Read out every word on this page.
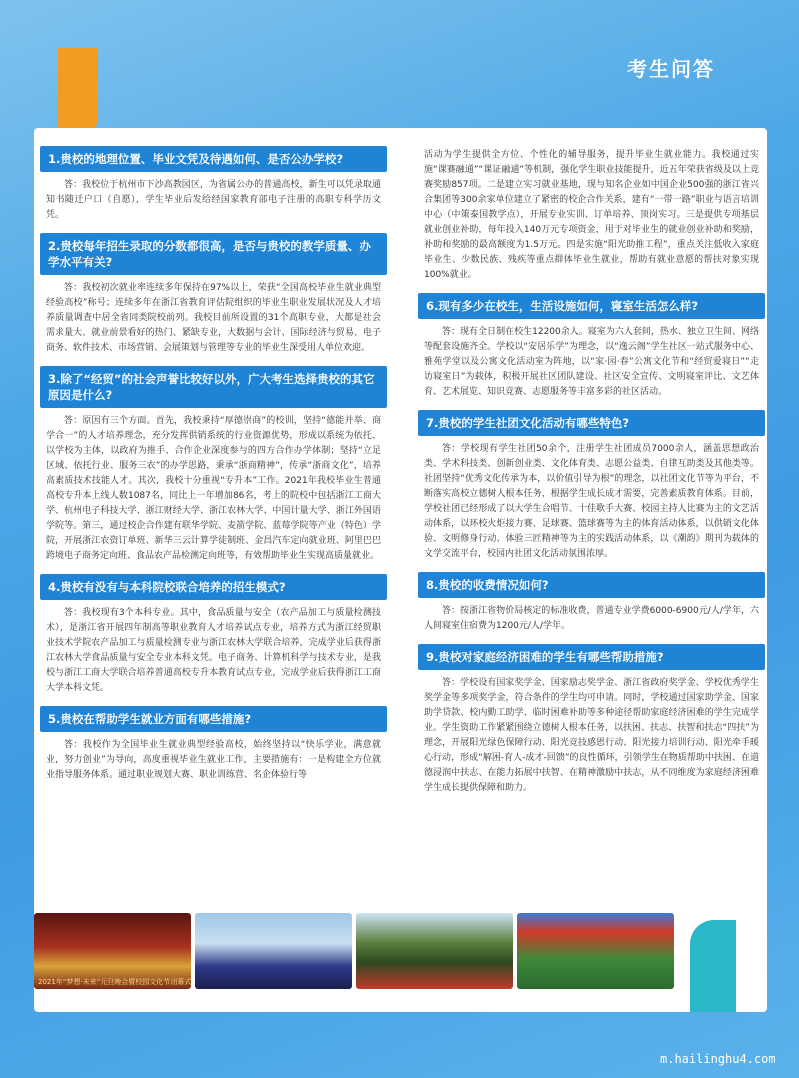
考生问答
1.贵校的地理位置、毕业文凭及待遇如何、是否公办学校?
答：我校位于杭州市下沙高教园区，为省属公办的普通高校，新生可以凭录取通知书随迁户口（自愿），学生毕业后发给经国家教育部电子注册的高职专科学历文凭。
2.贵校每年招生录取的分数都很高，是否与贵校的教学质量、办学水平有关?
答：我校初次就业率连续多年保持在97%以上，荣获“全国高校毕业生就业典型经验高校”称号；连续多年在浙江省教育评估院组织的毕业生职业发展状况及人才培养质量调查中居全省同类院校前列。我校目前所设置的31个高职专业，大都是社会需求量大、就业前景看好的热门、紧缺专业，大数据与会计、国际经济与贸易、电子商务、软件技术、市场营销、会展策划与管理等专业的毕业生深受用人单位欢迎。
3.除了“经贸”的社会声誉比较好以外，广大考生选择贵校的其它原因是什么?
答：原因有三个方面。首先，我校秉持“厚德崇商”的校训，坚持“德能并举、商学合一”的人才培养理念，充分发挥供销系统的行业资源优势，形成以系统为依托、以学校为主体，以政府为推手、合作企业深度参与的四方合作办学体制；坚持“立足区域、依托行业、服务三农”的办学思路，秉承“浙商精神”，传承“浙商文化”，培养高素质技术技能人才。其次，我校十分重视“专升本”工作。2021年我校毕业生普通高校专升本上线人数1087名，同比上一年增加86名，考上的院校中包括浙江工商大学、杭州电子科技大学、浙江财经大学、浙江农林大学、中国计量大学、浙江外国语学院等。第三，通过校企合作建有联华学院、麦箭学院、蓝莓学院等产业（特色）学院，开展浙江农资订单班、新华三云计算学徒制班、金昌汽车定向就业班、阿里巴巴跨境电子商务定向班、食品农产品检测定向班等，有效帮助毕业生实现高质量就业。
4.贵校有没有与本科院校联合培养的招生模式?
答：我校现有3个本科专业。其中，食品质量与安全（农产品加工与质量检测技术），是浙江省开展四年制高等职业教育人才培养试点专业，培养方式为浙江经贸职业技术学院农产品加工与质量检测专业与浙江农林大学联合培养，完成学业后获得浙江农林大学食品质量与安全专业本科文凭。电子商务、计算机科学与技术专业，是我校与浙江工商大学联合培养普通高校专升本教育试点专业，完成学业后获得浙江工商大学本科文凭。
5.贵校在帮助学生就业方面有哪些措施?
答：我校作为全国毕业生就业典型经验高校，始终坚持以“快乐学业，满意就业，努力创业”为导向，高度重视毕业生就业工作，主要措施有：一是构建全方位就业指导服务体系。通过职业规划大赛、职业训练营、名企体验行等
活动为学生提供全方位、个性化的辅导服务，提升毕业生就业能力。我校通过实施“课赛融通”“课证融通”等机制，强化学生职业技能提升，近五年荣获省级及以上竞赛奖励857项。二是建立实习就业基地，现与知名企业如中国企业500强的浙江省兴合集团等300余家单位建立了紧密的校企合作关系，建有“一带一路”职业与语言培训中心（中策泰国教学点），开展专业实训、订单培养、顶岗实习。三是提供专项基层就业创业补助，每年投入140万元专项资金，用于对毕业生的就业创业补助和奖励，补助和奖励的最高额度为1.5万元。四是实施“阳光助推工程”，重点关注低收入家庭毕业生、少数民族、残疾等重点群体毕业生就业，帮助有就业意愿的帮扶对象实现100%就业。
6.现有多少在校生，生活设施如何，寝室生活怎么样?
答：现有全日制在校生12200余人。寝室为六人套间，热水、独立卫生间、网络等配套设施齐全。学校以“安居乐学”为理念，以“逸云阁”学生社区一站式服务中心、雅苑学堂以及公寓文化活动室为阵地，以“家·园·春”公寓文化节和“经贸爱寝日”“走访寝室日”为载体，积极开展社区团队建设、社区安全宣传、文明寝室评比、文艺体育、艺术展览、知识竞赛、志愿服务等丰富多彩的社区活动。
7.贵校的学生社团文化活动有哪些特色?
答：学校现有学生社团50余个，注册学生社团成员7000余人，涵盖思想政治类、学术科技类、创新创业类、文化体育类、志愿公益类、自律互助类及其他类等。社团坚持“优秀文化传承为本，以价值引导为根”的理念，以社团文化节等为平台，不断落实高校立德树人根本任务，根据学生成长成才需要，完善素质教育体系。目前，学校社团已经形成了以大学生合唱节、十佳歌手大赛、校园主持人比赛为主的文艺活动体系，以环校火炬接力赛、足球赛、篮球赛等为主的体育活动体系，以供销文化体验、文明修身行动、体验三匠精神等为主的实践活动体系，以《潮韵》期刊为载体的文学交流平台，校园内社团文化活动氛围浓厚。
8.贵校的收费情况如何?
答：按浙江省物价局核定的标准收费，普通专业学费6000-6900元/人/学年，六人间寝室住宿费为1200元/人/学年。
9.贵校对家庭经济困难的学生有哪些帮助措施?
答：学校设有国家奖学金、国家励志奖学金、浙江省政府奖学金、学校优秀学生奖学金等多项奖学金，符合条件的学生均可申请。同时，学校通过国家助学金、国家助学贷款、校内勤工助学、临时困难补助等多种途径帮助家庭经济困难的学生完成学业。学生资助工作紧紧围绕立德树人根本任务，以扶困、扶志、扶智和扶志“四扶”为理念，开展阳光绿色保障行动、阳光竞技感恩行动、阳光接力培训行动、阳光牵手暖心行动，形成“解困-育人-成才-回馈”的良性循环，引领学生在物质帮助中扶困、在道德浸润中扶志、在能力拓展中扶智、在精神激励中扶志，从不同维度为家庭经济困难学生成长提供保障和助力。
2021年“梦想·未来”元旦晚会暨校园文化节闭幕式
m.hailinghu4.com
